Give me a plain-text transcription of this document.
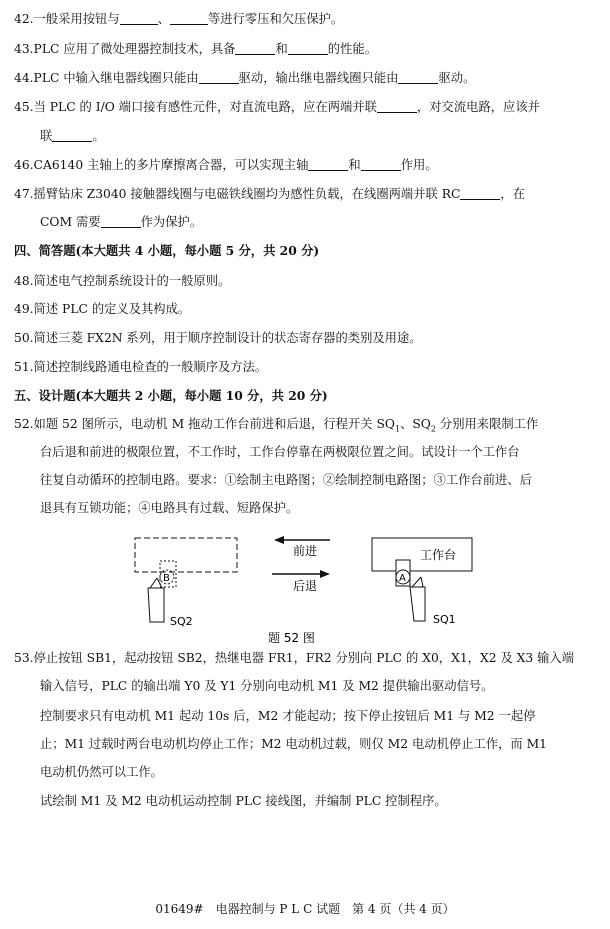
42.一般采用按钮与	、	等进行零压和欠压保护。
43.PLC 应用了微处理器控制技术，具备	和	的性能。
44.PLC 中输入继电器线圈只能由	驱动，输出继电器线圈只能由	驱动。
45.当 PLC 的 I/O 端口接有感性元件，对直流电路，应在两端并联	，对交流电路，应该并
联	。
46.CA6140 主轴上的多片摩擦离合器，可以实现主轴	和	作用。
47.摇臂钻床 Z3040 接触器线圈与电磁铁线圈均为感性负载，在线圈两端并联 RC	，在
COM 需要	作为保护。
四、简答题(本大题共 4 小题，每小题 5 分，共 20 分)
48.简述电气控制系统设计的一般原则。
49.简述 PLC 的定义及其构成。
50.简述三菱 FX2N 系列，用于顺序控制设计的状态寄存器的类别及用途。
51.简述控制线路通电检查的一般顺序及方法。
五、设计题(本大题共 2 小题，每小题 10 分，共 20 分)
52.如题 52 图所示，电动机 M 拖动工作台前进和后退，行程开关 $SQ_1$、$SQ_2$ 分别用来限制工作
台后退和前进的极限位置，不工作时，工作台停靠在两极限位置之间。试设计一个工作台
往复自动循环的控制电路。要求：①绘制主电路图；②绘制控制电路图；③工作台前进、后
退具有互锁功能；④电路具有过载、短路保护。
B
SQ2
前进
后退
工作台
A
SQ1
题 52 图
53.停止按钮 SB1，起动按钮 SB2，热继电器 FR1，FR2 分别向 PLC 的 X0，X1，X2 及 X3 输入端
输入信号，PLC 的输出端 Y0 及 Y1 分别向电动机 M1 及 M2 提供输出驱动信号。
控制要求只有电动机 M1 起动 10s 后，M2 才能起动；按下停止按钮后 M1 与 M2 一起停
止；M1 过载时两台电动机均停止工作；M2 电动机过载，则仅 M2 电动机停止工作，而 M1
电动机仍然可以工作。
试绘制 M1 及 M2 电动机运动控制 PLC 接线图，并编制 PLC 控制程序。
01649#　电器控制与 P L C 试题　第 4 页（共 4 页）
